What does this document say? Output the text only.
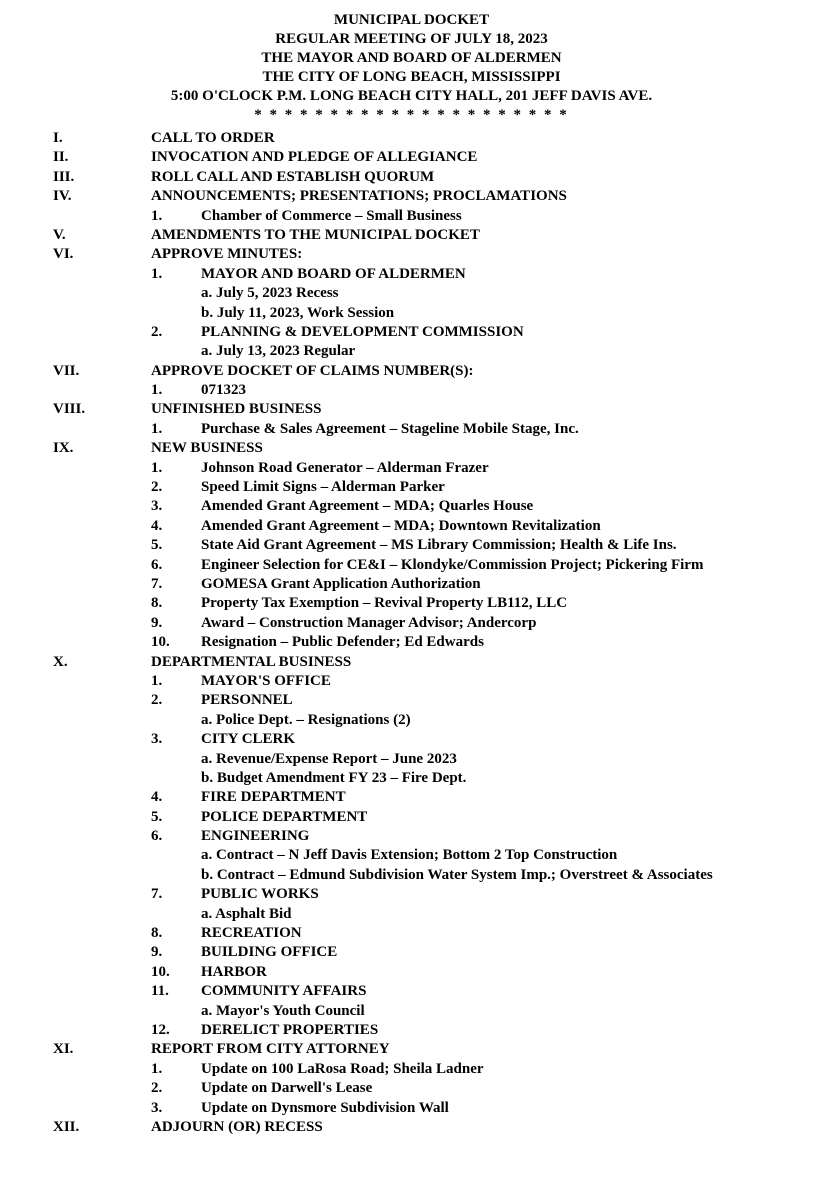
MUNICIPAL DOCKET
REGULAR MEETING OF JULY 18, 2023
THE MAYOR AND BOARD OF ALDERMEN
THE CITY OF LONG BEACH, MISSISSIPPI
5:00 O'CLOCK P.M. LONG BEACH CITY HALL, 201 JEFF DAVIS AVE.
* * * * * * * * * * * * * * * * * * * * *
I.	CALL TO ORDER
II.	INVOCATION AND PLEDGE OF ALLEGIANCE
III.	ROLL CALL AND ESTABLISH QUORUM
IV.	ANNOUNCEMENTS; PRESENTATIONS; PROCLAMATIONS
1.	Chamber of Commerce – Small Business
V.	AMENDMENTS TO THE MUNICIPAL DOCKET
VI.	APPROVE MINUTES:
1.	MAYOR AND BOARD OF ALDERMEN
a. July 5, 2023 Recess
b. July 11, 2023, Work Session
2.	PLANNING & DEVELOPMENT COMMISSION
a. July 13, 2023 Regular
VII.	APPROVE DOCKET OF CLAIMS NUMBER(S):
1.	071323
VIII.	UNFINISHED BUSINESS
1.	Purchase & Sales Agreement – Stageline Mobile Stage, Inc.
IX.	NEW BUSINESS
1.	Johnson Road Generator – Alderman Frazer
2.	Speed Limit Signs – Alderman Parker
3.	Amended Grant Agreement – MDA; Quarles House
4.	Amended Grant Agreement – MDA; Downtown Revitalization
5.	State Aid Grant Agreement – MS Library Commission; Health & Life Ins.
6.	Engineer Selection for CE&I – Klondyke/Commission Project; Pickering Firm
7.	GOMESA Grant Application Authorization
8.	Property Tax Exemption – Revival Property LB112, LLC
9.	Award – Construction Manager Advisor; Andercorp
10. Resignation – Public Defender; Ed Edwards
X.	DEPARTMENTAL BUSINESS
1.	MAYOR'S OFFICE
2.	PERSONNEL
a. Police Dept. – Resignations (2)
3.	CITY CLERK
a. Revenue/Expense Report – June 2023
b. Budget Amendment FY 23 – Fire Dept.
4.	FIRE DEPARTMENT
5.	POLICE DEPARTMENT
6.	ENGINEERING
a. Contract – N Jeff Davis Extension; Bottom 2 Top Construction
b. Contract – Edmund Subdivision Water System Imp.; Overstreet & Associates
7.	PUBLIC WORKS
a. Asphalt Bid
8.	RECREATION
9.	BUILDING OFFICE
10. HARBOR
11. COMMUNITY AFFAIRS
a. Mayor's Youth Council
12. DERELICT PROPERTIES
XI.	REPORT FROM CITY ATTORNEY
1.	Update on 100 LaRosa Road; Sheila Ladner
2.	Update on Darwell's Lease
3.	Update on Dynsmore Subdivision Wall
XII.	ADJOURN (OR) RECESS
